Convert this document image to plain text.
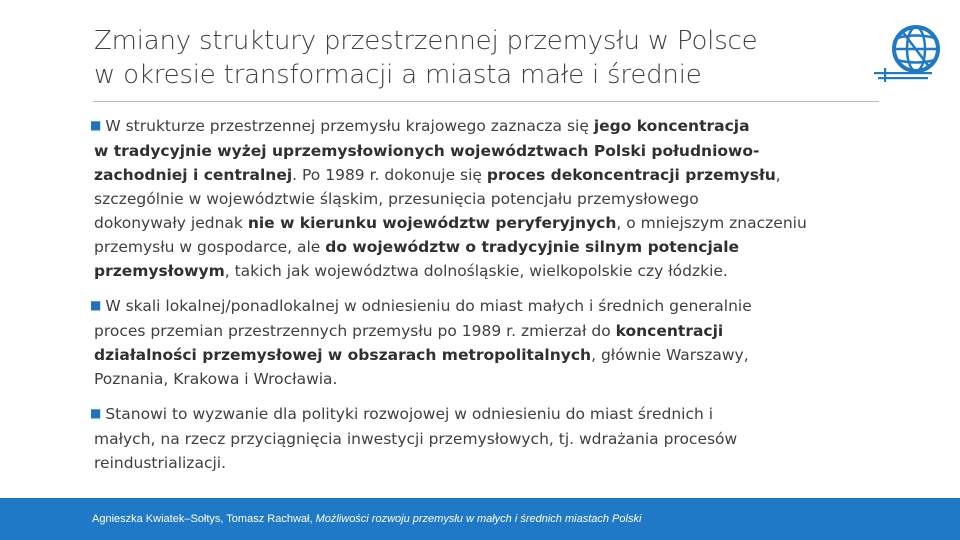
Zmiany struktury przestrzennej przemysłu w Polsce
w okresie transformacji a miasta małe i średnie
■ W strukturze przestrzennej przemysłu krajowego zaznacza się jego koncentracja
w tradycyjnie wyżej uprzemysłowionych województwach Polski południowo-
zachodniej i centralnej. Po 1989 r. dokonuje się proces dekoncentracji przemysłu,
szczególnie w województwie śląskim, przesunięcia potencjału przemysłowego
dokonywały jednak nie w kierunku województw peryferyjnych, o mniejszym znaczeniu
przemysłu w gospodarce, ale do województw o tradycyjnie silnym potencjale
przemysłowym, takich jak województwa dolnośląskie, wielkopolskie czy łódzkie.
■ W skali lokalnej/ponadlokalnej w odniesieniu do miast małych i średnich generalnie
proces przemian przestrzennych przemysłu po 1989 r. zmierzał do koncentracji
działalności przemysłowej w obszarach metropolitalnych, głównie Warszawy,
Poznania, Krakowa i Wrocławia.
■ Stanowi to wyzwanie dla polityki rozwojowej w odniesieniu do miast średnich i
małych, na rzecz przyciągnięcia inwestycji przemysłowych, tj. wdrażania procesów
reindustrializacji.
Agnieszka Kwiatek–Sołtys, Tomasz Rachwał, Możliwości rozwoju przemysłu w małych i średnich miastach Polski
